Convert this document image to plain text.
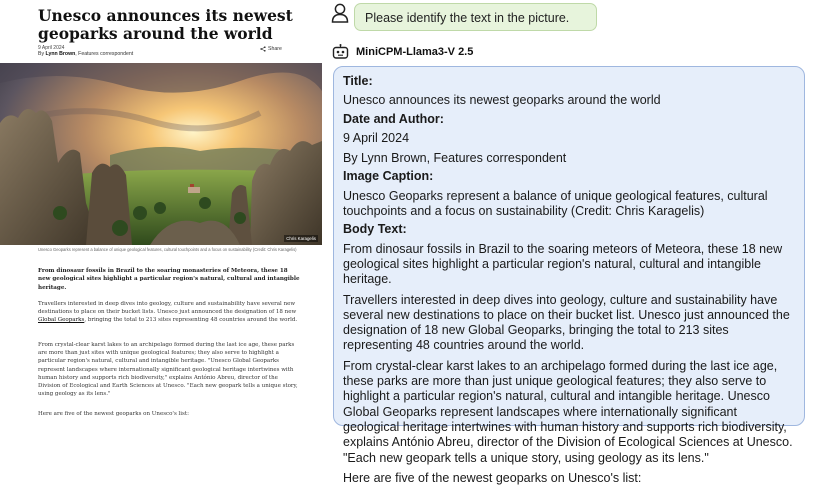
Unesco announces its newest geoparks around the world
9 April 2024
By Lynn Brown, Features correspondent
Share
Chris Karagelis
Unesco Geoparks represent a balance of unique geological features, cultural touchpoints and a focus on sustainability (Credit: Chris Karagelis)
From dinosaur fossils in Brazil to the soaring monasteries of Meteora, these 18 new geological sites highlight a particular region's natural, cultural and intangible heritage.
Travellers interested in deep dives into geology, culture and sustainability have several new destinations to place on their bucket lists. Unesco just announced the designation of 18 new Global Geoparks, bringing the total to 213 sites representing 48 countries around the world.
From crystal-clear karst lakes to an archipelago formed during the last ice age, these parks are more than just sites with unique geological features; they also serve to highlight a particular region's natural, cultural and intangible heritage. "Unesco Global Geoparks represent landscapes where internationally significant geological heritage intertwines with human history and supports rich biodiversity," explains António Abreu, director of the Division of Ecological and Earth Sciences at Unesco. "Each new geopark tells a unique story, using geology as its lens."
Here are five of the newest geoparks on Unesco's list:
Please identify the text in the picture.
MiniCPM-Llama3-V 2.5
Title:
Unesco announces its newest geoparks around the world
Date and Author:
9 April 2024
By Lynn Brown, Features correspondent
Image Caption:
Unesco Geoparks represent a balance of unique geological features, cultural touchpoints and a focus on sustainability (Credit: Chris Karagelis)
Body Text:
From dinosaur fossils in Brazil to the soaring meteors of Meteora, these 18 new geological sites highlight a particular region's natural, cultural and intangible heritage.
Travellers interested in deep dives into geology, culture and sustainability have several new destinations to place on their bucket list. Unesco just announced the designation of 18 new Global Geoparks, bringing the total to 213 sites representing 48 countries around the world.
From crystal-clear karst lakes to an archipelago formed during the last ice age, these parks are more than just unique geological features; they also serve to highlight a particular region's natural, cultural and intangible heritage. Unesco Global Geoparks represent landscapes where internationally significant geological heritage intertwines with human history and supports rich biodiversity, explains António Abreu, director of the Division of Ecological Sciences at Unesco. "Each new geopark tells a unique story, using geology as its lens."
Here are five of the newest geoparks on Unesco's list:
